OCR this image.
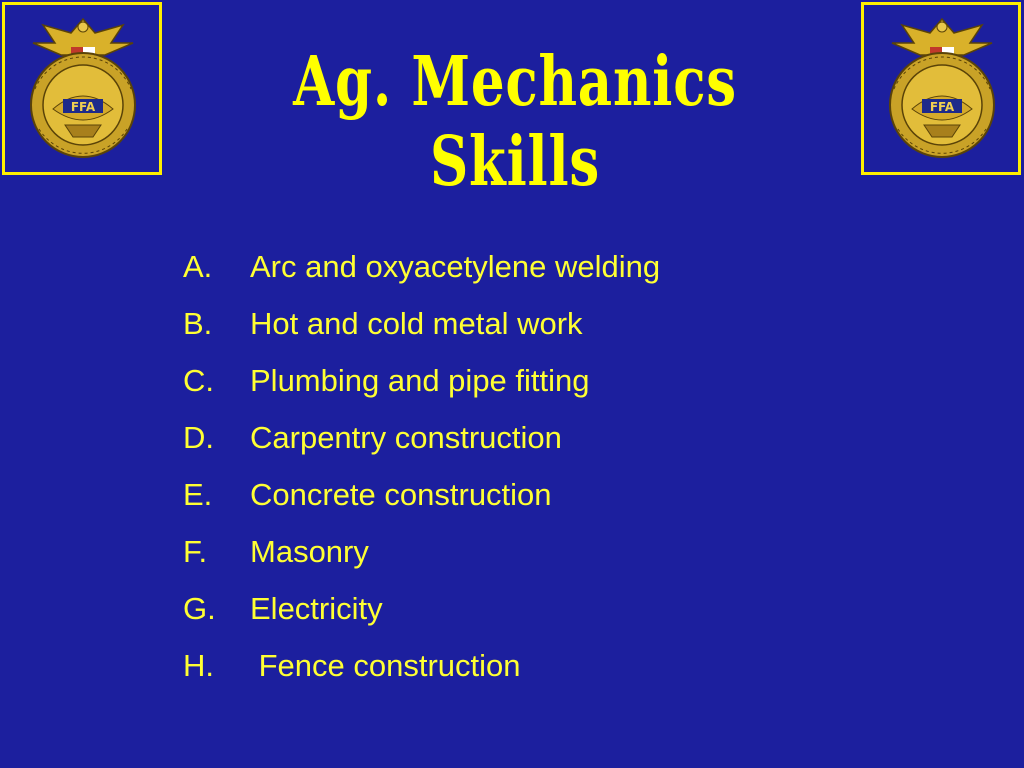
FFA	Ag. Mechanics Skills
FFA
A.	Arc and oxyacetylene welding
B.	Hot and cold metal work
C.	Plumbing and pipe fitting
D.	Carpentry construction
E.	Concrete construction
F.	Masonry
G.	Electricity
H.	Fence construction
